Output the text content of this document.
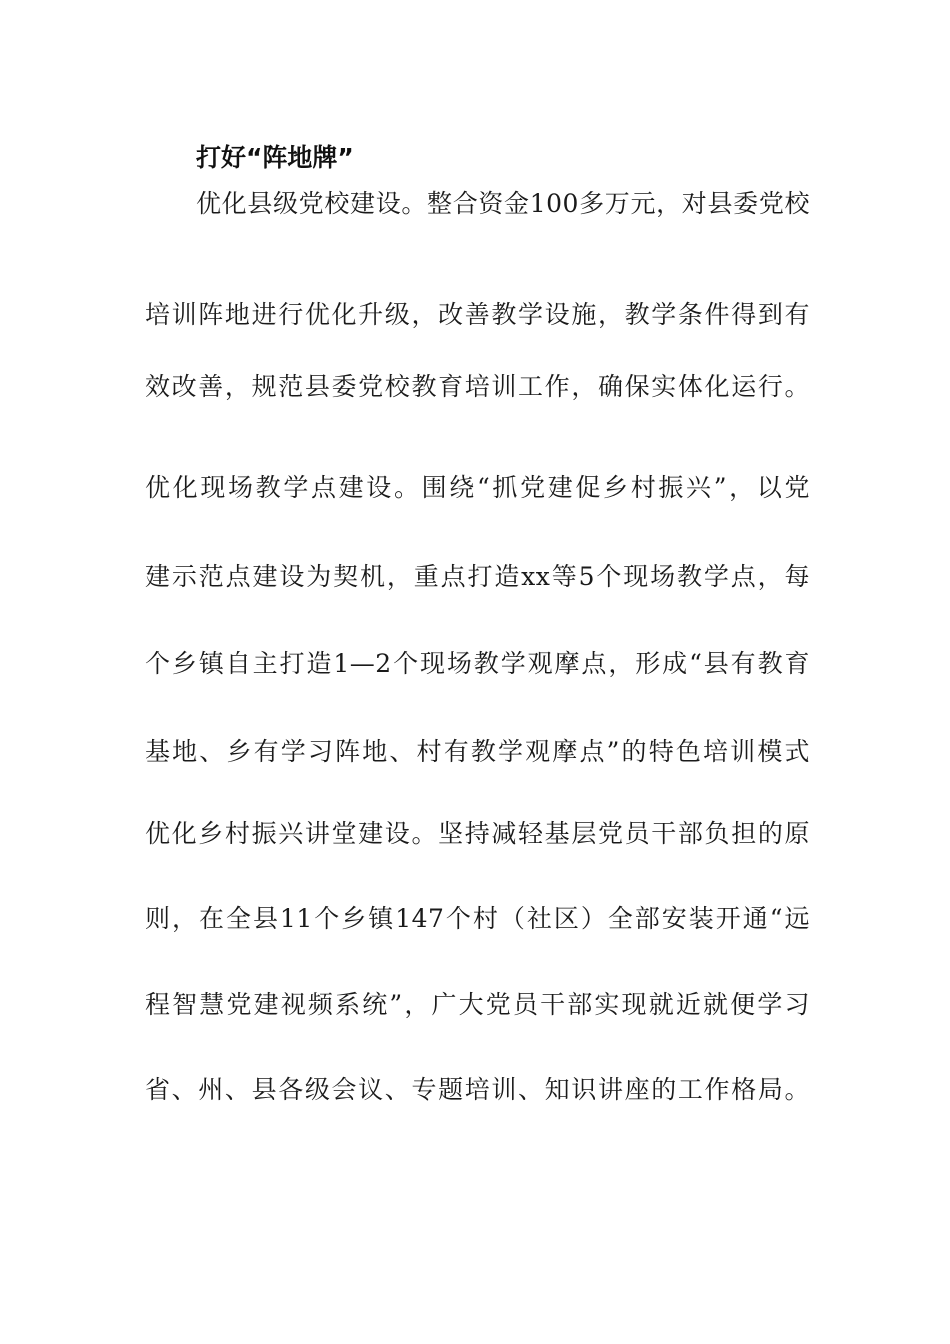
打好“阵地牌”

优化县级党校建设。整合资金100多万元，对县委党校

培训阵地进行优化升级，改善教学设施，教学条件得到有

效改善，规范县委党校教育培训工作，确保实体化运行。

优化现场教学点建设。围绕“抓党建促乡村振兴”，以党

建示范点建设为契机，重点打造xx等5个现场教学点，每

个乡镇自主打造1—2个现场教学观摩点，形成“县有教育

基地、乡有学习阵地、村有教学观摩点”的特色培训模式

优化乡村振兴讲堂建设。坚持减轻基层党员干部负担的原

则，在全县11个乡镇147个村（社区）全部安装开通“远

程智慧党建视频系统”，广大党员干部实现就近就便学习

省、州、县各级会议、专题培训、知识讲座的工作格局。
